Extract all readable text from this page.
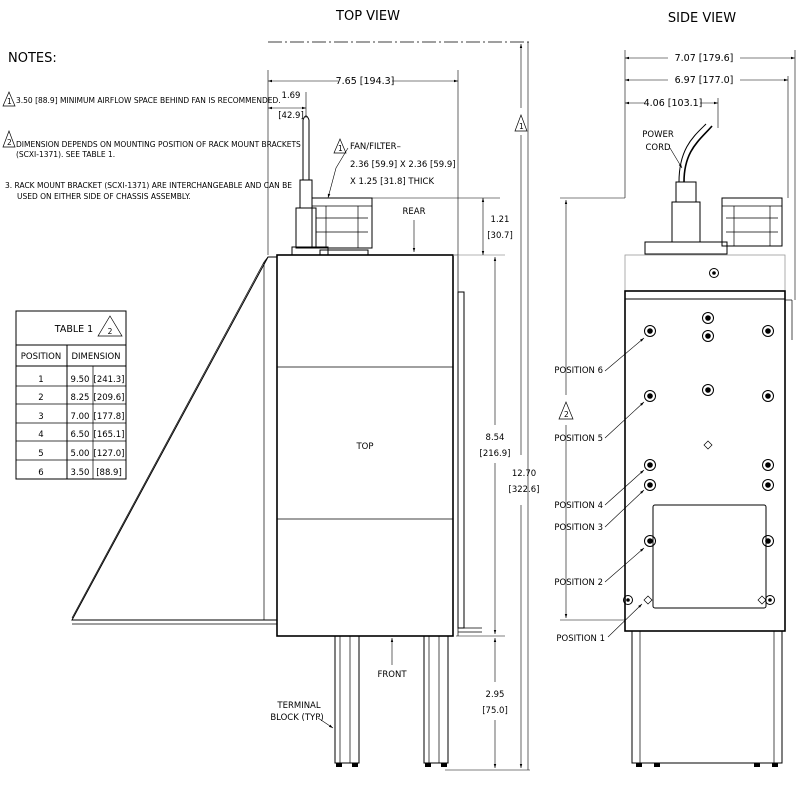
TOP VIEW	SIDE VIEW
NOTES:
1 3.50 [88.9] MINIMUM AIRFLOW SPACE BEHIND FAN IS RECOMMENDED.
2 DIMENSION DEPENDS ON MOUNTING POSITION OF RACK MOUNT BRACKETS
(SCXI-1371). SEE TABLE 1.
3. RACK MOUNT BRACKET (SCXI-1371) ARE INTERCHANGEABLE AND CAN BE
USED ON EITHER SIDE OF CHASSIS ASSEMBLY.
TABLE 1 2
POSITION DIMENSION
1	9.50 [241.3]
2	8.25 [209.6]
3	7.00 [177.8]
4	6.50 [165.1]
5	5.00 [127.0]
6	3.50 [88.9]
7.65 [194.3]
1.69
[42.9]
1 FAN/FILTER–
2.36 [59.9] X 2.36 [59.9]
X 1.25 [31.8] THICK
REAR
TOP
FRONT
TERMINAL
BLOCK (TYP)
1.21
[30.7]
8.54
[216.9]
2.95
[75.0]
1
12.70
[322.6]
7.07 [179.6]
6.97 [177.0]
4.06 [103.1]
POWER
CORD
2
POSITION 6
POSITION 5
POSITION 4
POSITION 3
POSITION 2
POSITION 1
